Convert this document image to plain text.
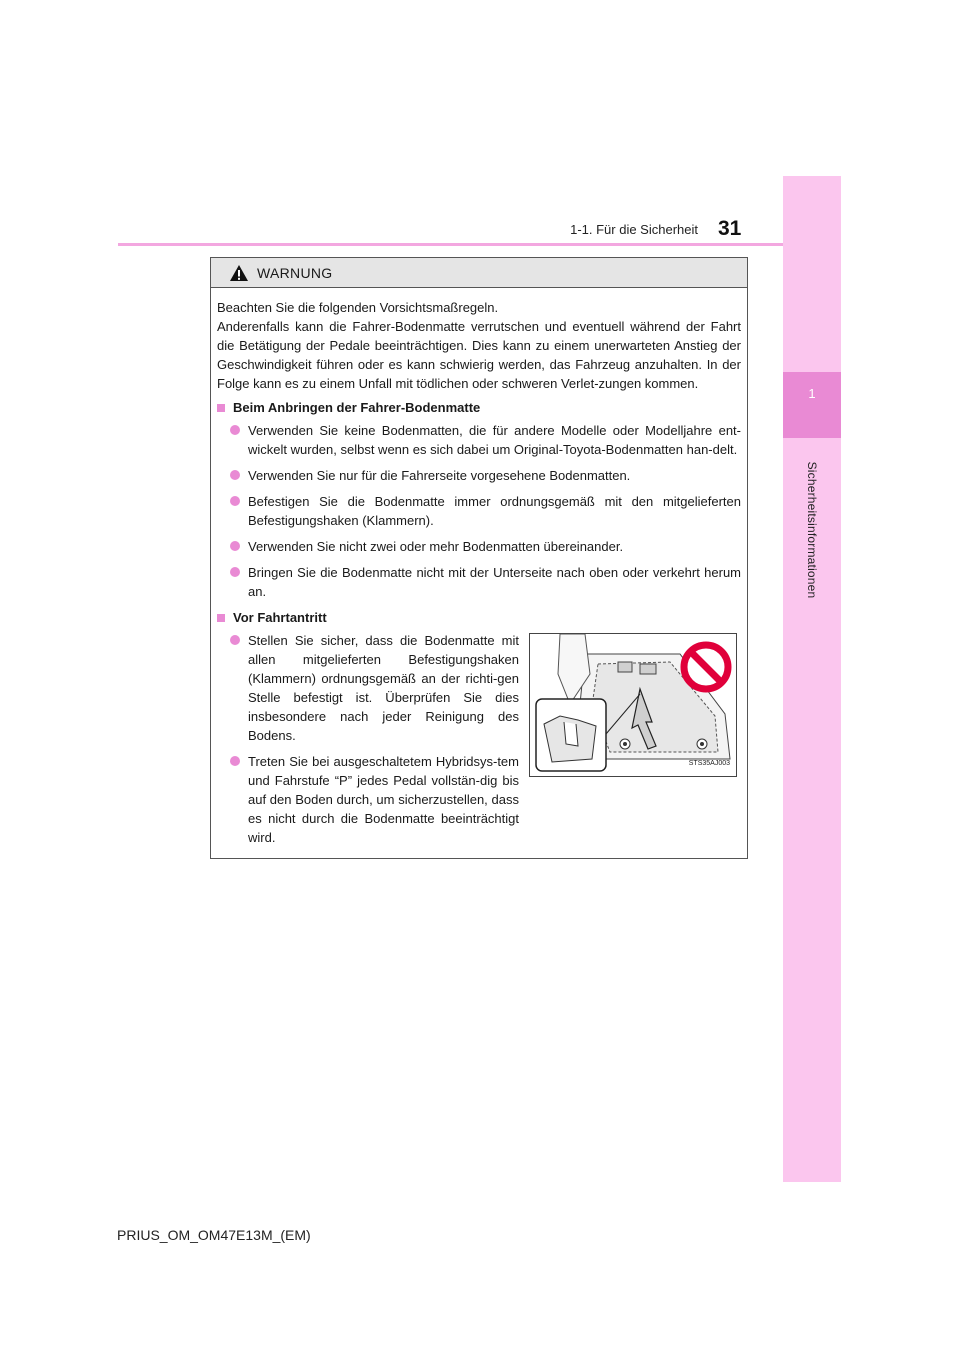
1
Sicherheitsinformationen
1-1. Für die Sicherheit 31
WARNUNG

Beachten Sie die folgenden Vorsichtsmaßregeln.

Anderenfalls kann die Fahrer-Bodenmatte verrutschen und eventuell während der Fahrt die Betätigung der Pedale beeinträchtigen. Dies kann zu einem unerwarteten Anstieg der Geschwindigkeit führen oder es kann schwierig werden, das Fahrzeug anzuhalten. In der Folge kann es zu einem Unfall mit tödlichen oder schweren Verlet-zungen kommen.

Beim Anbringen der Fahrer-Bodenmatte
Verwenden Sie keine Bodenmatten, die für andere Modelle oder Modelljahre ent-wickelt wurden, selbst wenn es sich dabei um Original-Toyota-Bodenmatten han-delt.
Verwenden Sie nur für die Fahrerseite vorgesehene Bodenmatten.
Befestigen Sie die Bodenmatte immer ordnungsgemäß mit den mitgelieferten Befestigungshaken (Klammern).
Verwenden Sie nicht zwei oder mehr Bodenmatten übereinander.
Bringen Sie die Bodenmatte nicht mit der Unterseite nach oben oder verkehrt herum an.
Vor Fahrtantritt
Stellen Sie sicher, dass die Bodenmatte mit allen mitgelieferten Befestigungshaken (Klammern) ordnungsgemäß an der richti-gen Stelle befestigt ist. Überprüfen Sie dies insbesondere nach jeder Reinigung des Bodens.
Treten Sie bei ausgeschaltetem Hybridsys-tem und Fahrstufe “P” jedes Pedal vollstän-dig bis auf den Boden durch, um sicherzustellen, dass es nicht durch die Bodenmatte beeinträchtigt wird.
STS35AJ003
PRIUS_OM_OM47E13M_(EM)
